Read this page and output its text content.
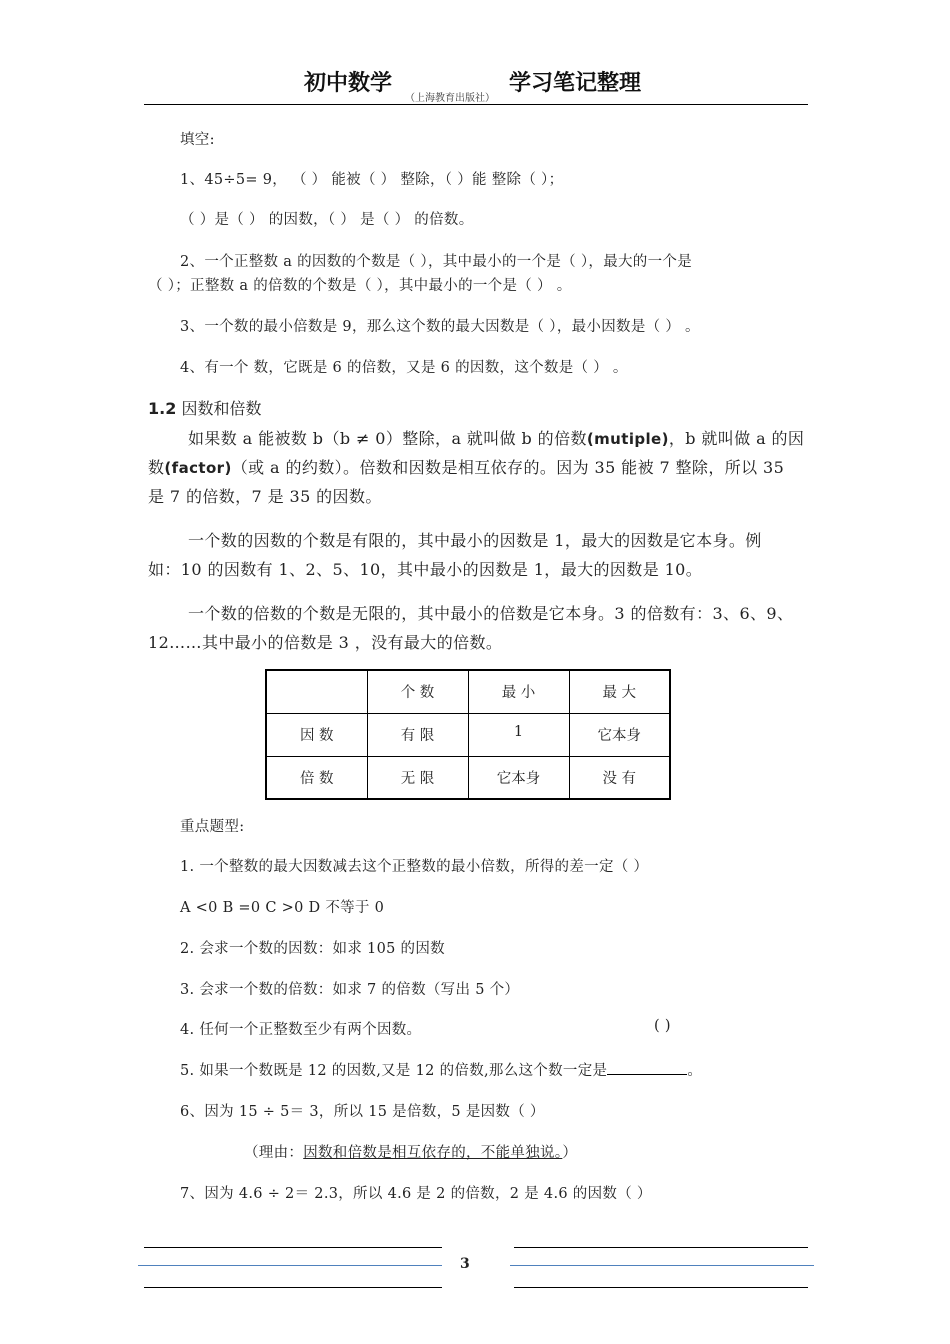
初中数学
（上海教育出版社）
学习笔记整理
填空:
1、45÷5= 9， （ ） 能被（ ） 整除，（ ）能 整除（ ）；
（ ）是（ ） 的因数，（ ） 是（ ） 的倍数。
2、一个正整数 a 的因数的个数是（ ），其中最小的一个是（ ），最大的一个是
（ ）；正整数 a 的倍数的个数是（ ），其中最小的一个是（ ） 。
3、一个数的最小倍数是 9，那么这个数的最大因数是（ ），最小因数是（ ） 。
4、有一个 数，它既是 6 的倍数，又是 6 的因数，这个数是（ ） 。
1.2 因数和倍数
如果数 a 能被数 b（b ≠ 0）整除，a 就叫做 b 的倍数(mutiple)，b 就叫做 a 的因
数(factor)（或 a 的约数）。倍数和因数是相互依存的。因为 35 能被 7 整除，所以 35
是 7 的倍数，7 是 35 的因数。
一个数的因数的个数是有限的，其中最小的因数是 1，最大的因数是它本身。例
如：10 的因数有 1、2、5、10，其中最小的因数是 1，最大的因数是 10。
一个数的倍数的个数是无限的，其中最小的倍数是它本身。3 的倍数有：3、6、9、
12……其中最小的倍数是 3 ，没有最大的倍数。
	个 数	最 小	最 大
因 数	有 限	1	它本身
倍 数	无 限	它本身	没 有
重点题型:
1. 一个整数的最大因数减去这个正整数的最小倍数，所得的差一定（ ）
A <0 B =0 C >0 D 不等于 0
2. 会求一个数的因数：如求 105 的因数
3. 会求一个数的倍数：如求 7 的倍数（写出 5 个）
4. 任何一个正整数至少有两个因数。	( )
5. 如果一个数既是 12 的因数,又是 12 的倍数,那么这个数一定是	。
6、因为 15 ÷ 5＝ 3，所以 15 是倍数，5 是因数（ ）
（理由：因数和倍数是相互依存的，不能单独说。）
7、因为 4.6 ÷ 2＝ 2.3，所以 4.6 是 2 的倍数，2 是 4.6 的因数（ ）
3
